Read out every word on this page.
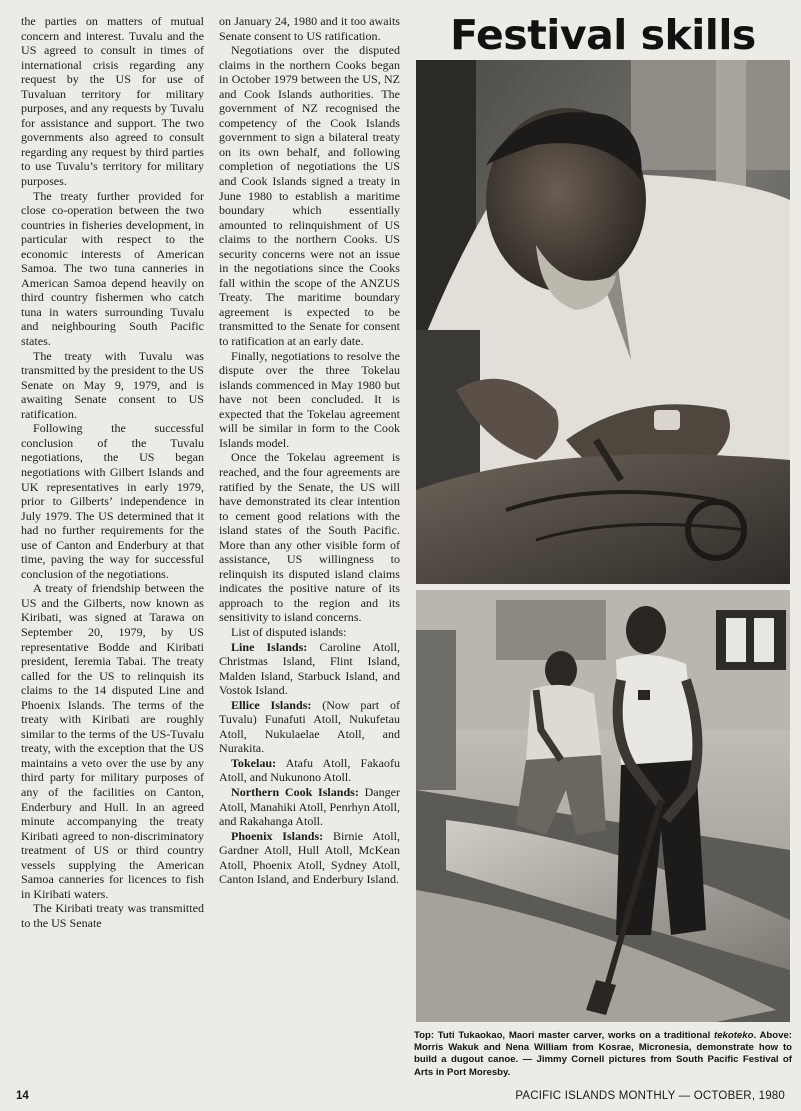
the parties on matters of mutual concern and interest. Tuvalu and the US agreed to consult in times of international crisis regarding any request by the US for use of Tuvaluan territory for military purposes, and any requests by Tuvalu for assistance and support. The two governments also agreed to consult regarding any request by third parties to use Tuvalu’s territory for military purposes.

The treaty further provided for close co-operation between the two countries in fisheries development, in particular with respect to the economic interests of American Samoa. The two tuna canneries in American Samoa depend heavily on third country fishermen who catch tuna in waters surrounding Tuvalu and neighbouring South Pacific states.

The treaty with Tuvalu was transmitted by the president to the US Senate on May 9, 1979, and is awaiting Senate consent to US ratification.

Following the successful conclusion of the Tuvalu negotiations, the US began negotiations with Gilbert Islands and UK representatives in early 1979, prior to Gilberts’ independence in July 1979. The US determined that it had no further requirements for the use of Canton and Enderbury at that time, paving the way for successful conclusion of the negotiations.

A treaty of friendship between the US and the Gilberts, now known as Kiribati, was signed at Tarawa on September 20, 1979, by US representative Bodde and Kiribati president, Ieremia Tabai. The treaty called for the US to relinquish its claims to the 14 disputed Line and Phoenix Islands. The terms of the treaty with Kiribati are roughly similar to the terms of the US-Tuvalu treaty, with the exception that the US maintains a veto over the use by any third party for military purposes of any of the facilities on Canton, Enderbury and Hull. In an agreed minute accompanying the treaty Kiribati agreed to non-discriminatory treatment of US or third country vessels supplying the American Samoa canneries for licences to fish in Kiribati waters.

The Kiribati treaty was transmitted to the US Senate

on January 24, 1980 and it too awaits Senate consent to US ratification.

Negotiations over the disputed claims in the northern Cooks began in October 1979 between the US, NZ and Cook Islands authorities. The government of NZ recognised the competency of the Cook Islands government to sign a bilateral treaty on its own behalf, and following completion of negotiations the US and Cook Islands signed a treaty in June 1980 to establish a maritime boundary which essentially amounted to relinquishment of US claims to the northern Cooks. US security concerns were not an issue in the negotiations since the Cooks fall within the scope of the ANZUS Treaty. The maritime boundary agreement is expected to be transmitted to the Senate for consent to ratification at an early date.

Finally, negotiations to resolve the dispute over the three Tokelau islands commenced in May 1980 but have not been concluded. It is expected that the Tokelau agreement will be similar in form to the Cook Islands model.

Once the Tokelau agreement is reached, and the four agreements are ratified by the Senate, the US will have demonstrated its clear intention to cement good relations with the island states of the South Pacific. More than any other visible form of assistance, US willingness to relinquish its disputed island claims indicates the positive nature of its approach to the region and its sensitivity to island concerns.

List of disputed islands:

Line Islands: Caroline Atoll, Christmas Island, Flint Island, Malden Island, Starbuck Island, and Vostok Island.

Ellice Islands: (Now part of Tuvalu) Funafuti Atoll, Nukufetau Atoll, Nukulaelae Atoll, and Nurakita.

Tokelau: Atafu Atoll, Fakaofu Atoll, and Nukunono Atoll.

Northern Cook Islands: Danger Atoll, Manahiki Atoll, Penrhyn Atoll, and Rakahanga Atoll.

Phoenix Islands: Birnie Atoll, Gardner Atoll, Hull Atoll, McKean Atoll, Phoenix Atoll, Sydney Atoll, Canton Island, and Enderbury Island.

Festival skills
Top: Tuti Tukaokao, Maori master carver, works on a traditional tekoteko. Above: Morris Wakuk and Nena William from Kosrae, Micronesia, demonstrate how to build a dugout canoe. — Jimmy Cornell pictures from South Pacific Festival of Arts in Port Moresby.
14	PACIFIC ISLANDS MONTHLY — OCTOBER, 1980
